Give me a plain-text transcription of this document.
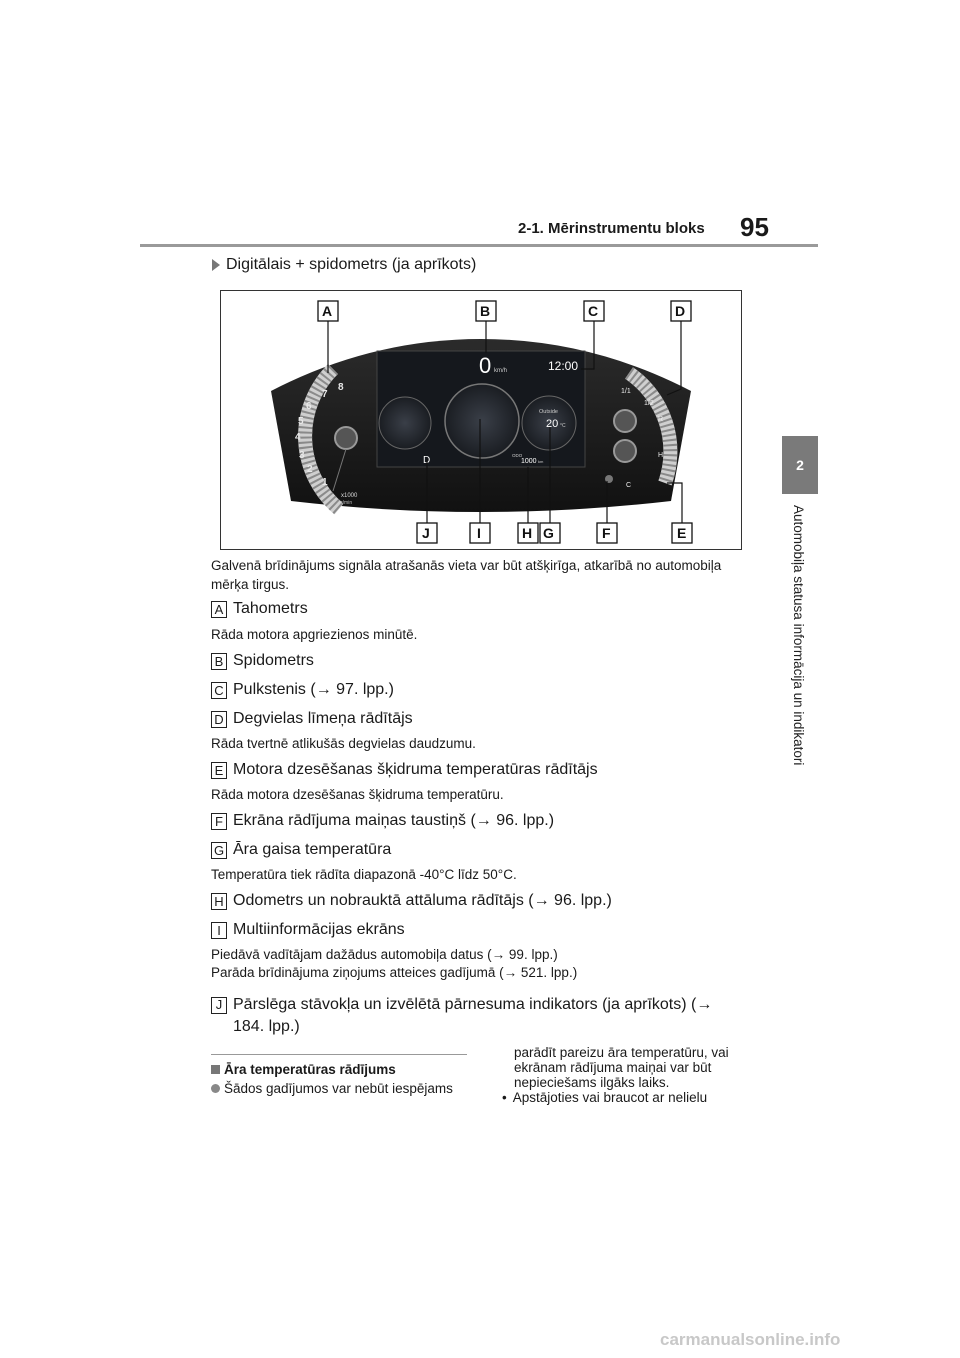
2-1. Mērinstrumentu bloks 95
2
Automobiļa statusa informācija un indikatori
Digitālais + spidometrs (ja aprīkots)
1
2
3
4
5
6
7
8
x1000
r/min
0 km/h	12:00
Outside
20 °C
D	ODO
1000 km
1/1
1/2
R
H
C
A	B	C	D
J	I	H G	F	E
Galvenā brīdinājums signāla atrašanās vieta var būt atšķirīga, atkarībā no automobiļa mērķa tirgus.
A Tahometrs
Rāda motora apgriezienos minūtē.
B Spidometrs
C Pulkstenis (→ 97. lpp.)
D Degvielas līmeņa rādītājs
Rāda tvertnē atlikušās degvielas daudzumu.
E Motora dzesēšanas šķidruma temperatūras rādītājs
Rāda motora dzesēšanas šķidruma temperatūru.
F Ekrāna rādījuma maiņas taustiņš (→ 96. lpp.)
G Āra gaisa temperatūra
Temperatūra tiek rādīta diapazonā -40°C līdz 50°C.
H Odometrs un nobrauktā attāluma rādītājs (→ 96. lpp.)
I Multiinformācijas ekrāns
Piedāvā vadītājam dažādus automobiļa datus (→ 99. lpp.)
Parāda brīdinājuma ziņojums atteices gadījumā (→ 521. lpp.)
J Pārslēga stāvokļa un izvēlētā pārnesuma indikators (ja aprīkots) (→
184. lpp.)
Āra temperatūras rādījums
Šādos gadījumos var nebūt iespējams
parādīt pareizu āra temperatūru, vai
ekrānam rādījuma maiņai var būt
nepieciešams ilgāks laiks.
• Apstājoties vai braucot ar nelielu
carmanualsonline.info
